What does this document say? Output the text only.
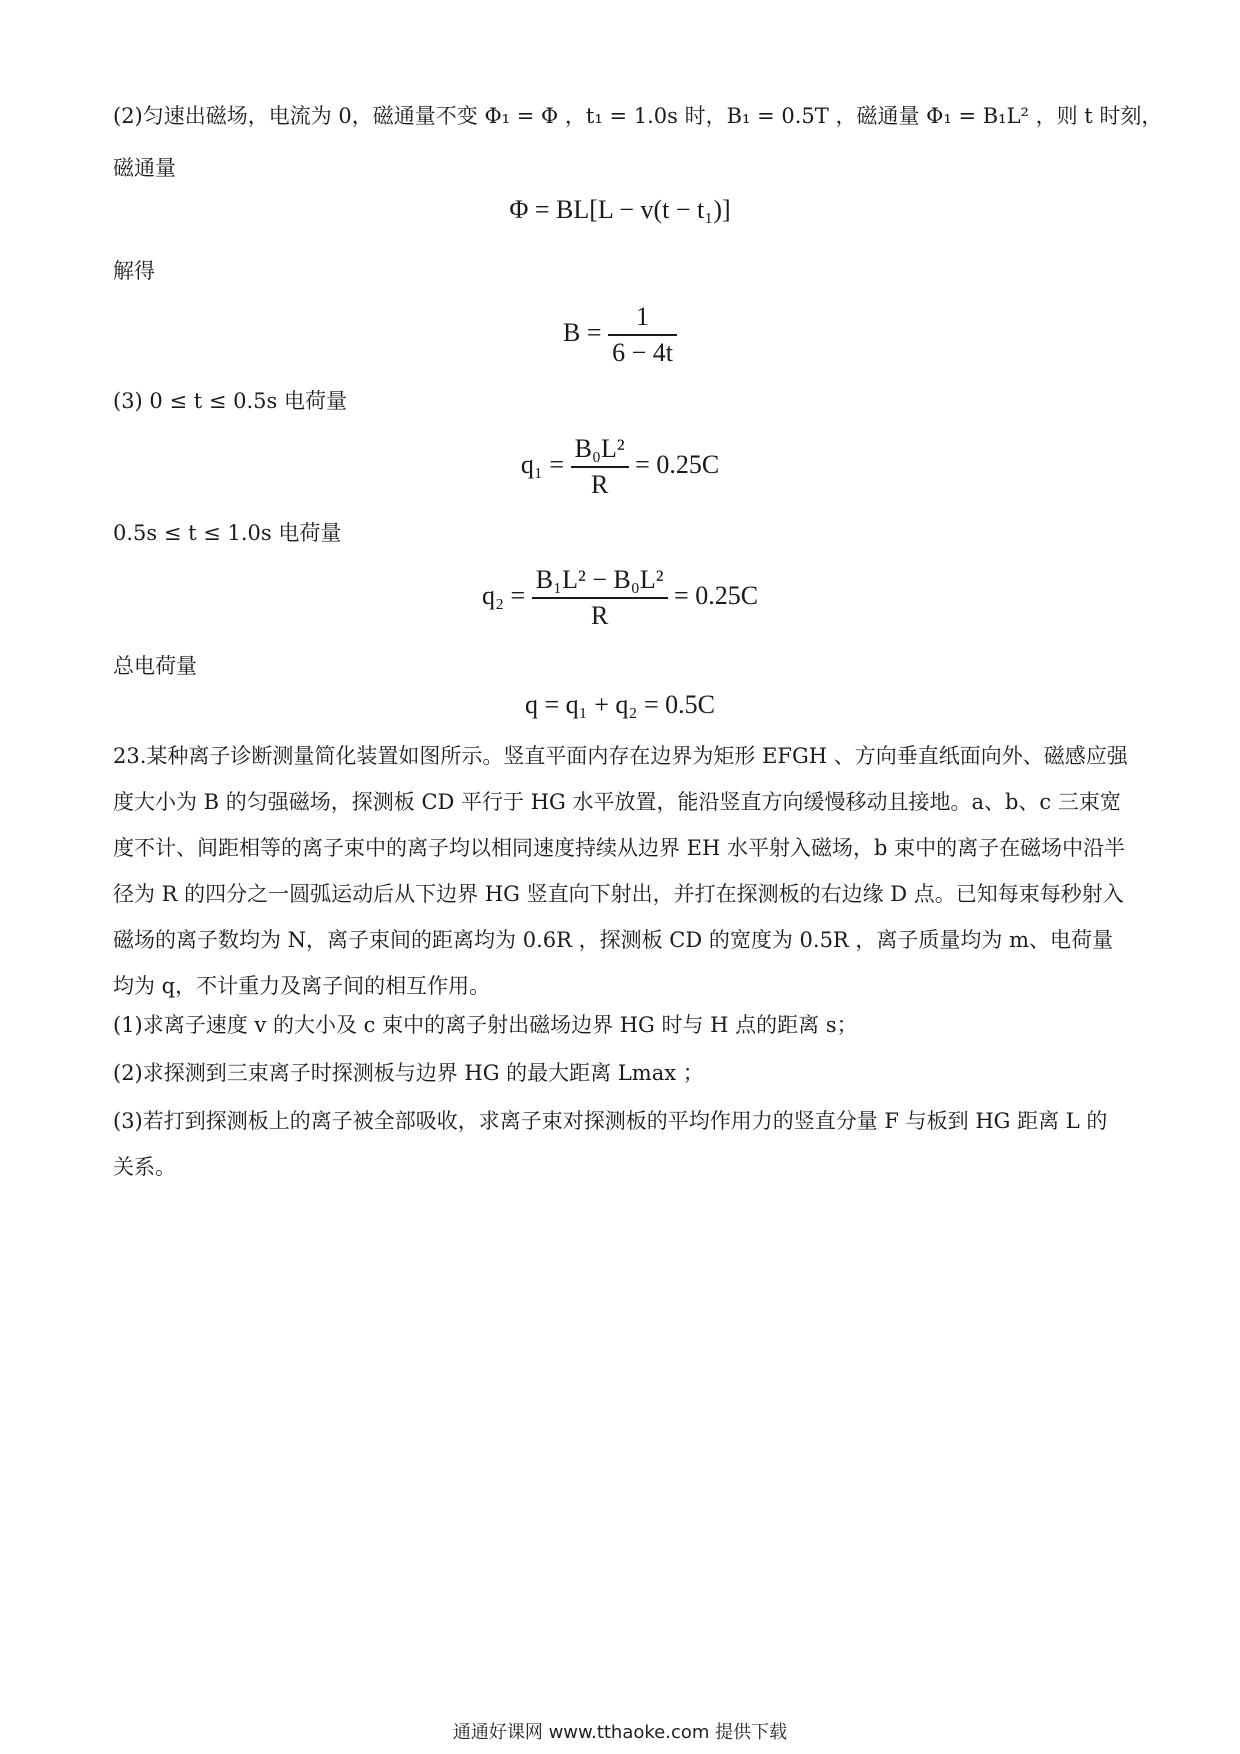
(2)匀速出磁场，电流为 0，磁通量不变 Φ₁ = Φ ，t₁ = 1.0s 时，B₁ = 0.5T ，磁通量 Φ₁ = B₁L² ，则 t 时刻，
磁通量
Φ = BL[L − v(t − t₁)]
解得
$B = \frac{1}{6 - 4t}$
(3) 0 ≤ t ≤ 0.5s 电荷量
$q_1 = \frac{\text{B₀L²}}{R} = 0.25C$
0.5s ≤ t ≤ 1.0s 电荷量
$q_2 = \frac{\text{B₁L² − B₀L²}}{R} = 0.25C$
总电荷量
q = q₁ + q₂ = 0.5C
23.某种离子诊断测量简化装置如图所示。竖直平面内存在边界为矩形 EFGH 、方向垂直纸面向外、磁感应强度大小为 B 的匀强磁场，探测板 CD 平行于 HG 水平放置，能沿竖直方向缓慢移动且接地。a、b、c 三束宽度不计、间距相等的离子束中的离子均以相同速度持续从边界 EH 水平射入磁场，b 束中的离子在磁场中沿半径为 R 的四分之一圆弧运动后从下边界 HG 竖直向下射出，并打在探测板的右边缘 D 点。已知每束每秒射入磁场的离子数均为 N，离子束间的距离均为 0.6R ，探测板 CD 的宽度为 0.5R ，离子质量均为 m、电荷量均为 q，不计重力及离子间的相互作用。
(1)求离子速度 v 的大小及 c 束中的离子射出磁场边界 HG 时与 H 点的距离 s；
(2)求探测到三束离子时探测板与边界 HG 的最大距离 Lmax ；
(3)若打到探测板上的离子被全部吸收，求离子束对探测板的平均作用力的竖直分量 F 与板到 HG 距离 L 的关系。
通通好课网 www.tthaoke.com 提供下载
